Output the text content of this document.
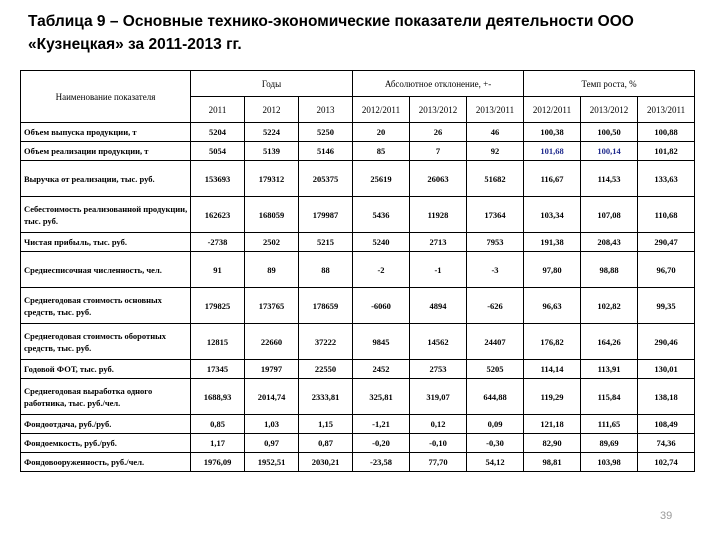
Таблица 9 – Основные технико-экономические показатели деятельности ООО «Кузнецкая» за 2011-2013 гг.
Наименование показателя	Годы			Абсолютное отклонение, +-			Темп роста, %		
	2011	2012	2013	2012/2011	2013/2012	2013/2011	2012/2011	2013/2012	2013/2011
Объем выпуска продукции, т	5204	5224	5250	20	26	46	100,38	100,50	100,88
Объем реализации продукции, т	5054	5139	5146	85	7	92	101,68	100,14	101,82
Выручка от реализации, тыс. руб.	153693	179312	205375	25619	26063	51682	116,67	114,53	133,63
Себестоимость реализованной продукции, тыс. руб.	162623	168059	179987	5436	11928	17364	103,34	107,08	110,68
Чистая прибыль, тыс. руб.	-2738	2502	5215	5240	2713	7953	191,38	208,43	290,47
Среднесписочная численность, чел.	91	89	88	-2	-1	-3	97,80	98,88	96,70
Среднегодовая стоимость основных средств, тыс. руб.	179825	173765	178659	-6060	4894	-626	96,63	102,82	99,35
Среднегодовая стоимость оборотных средств, тыс. руб.	12815	22660	37222	9845	14562	24407	176,82	164,26	290,46
Годовой ФОТ, тыс. руб.	17345	19797	22550	2452	2753	5205	114,14	113,91	130,01
Среднегодовая выработка одного работника, тыс. руб./чел.	1688,93	2014,74	2333,81	325,81	319,07	644,88	119,29	115,84	138,18
Фондоотдача, руб./руб.	0,85	1,03	1,15	-1,21	0,12	0,09	121,18	111,65	108,49
Фондоемкость, руб./руб.	1,17	0,97	0,87	-0,20	-0,10	-0,30	82,90	89,69	74,36
Фондовооруженность, руб./чел.	1976,09	1952,51	2030,21	-23,58	77,70	54,12	98,81	103,98	102,74
39
